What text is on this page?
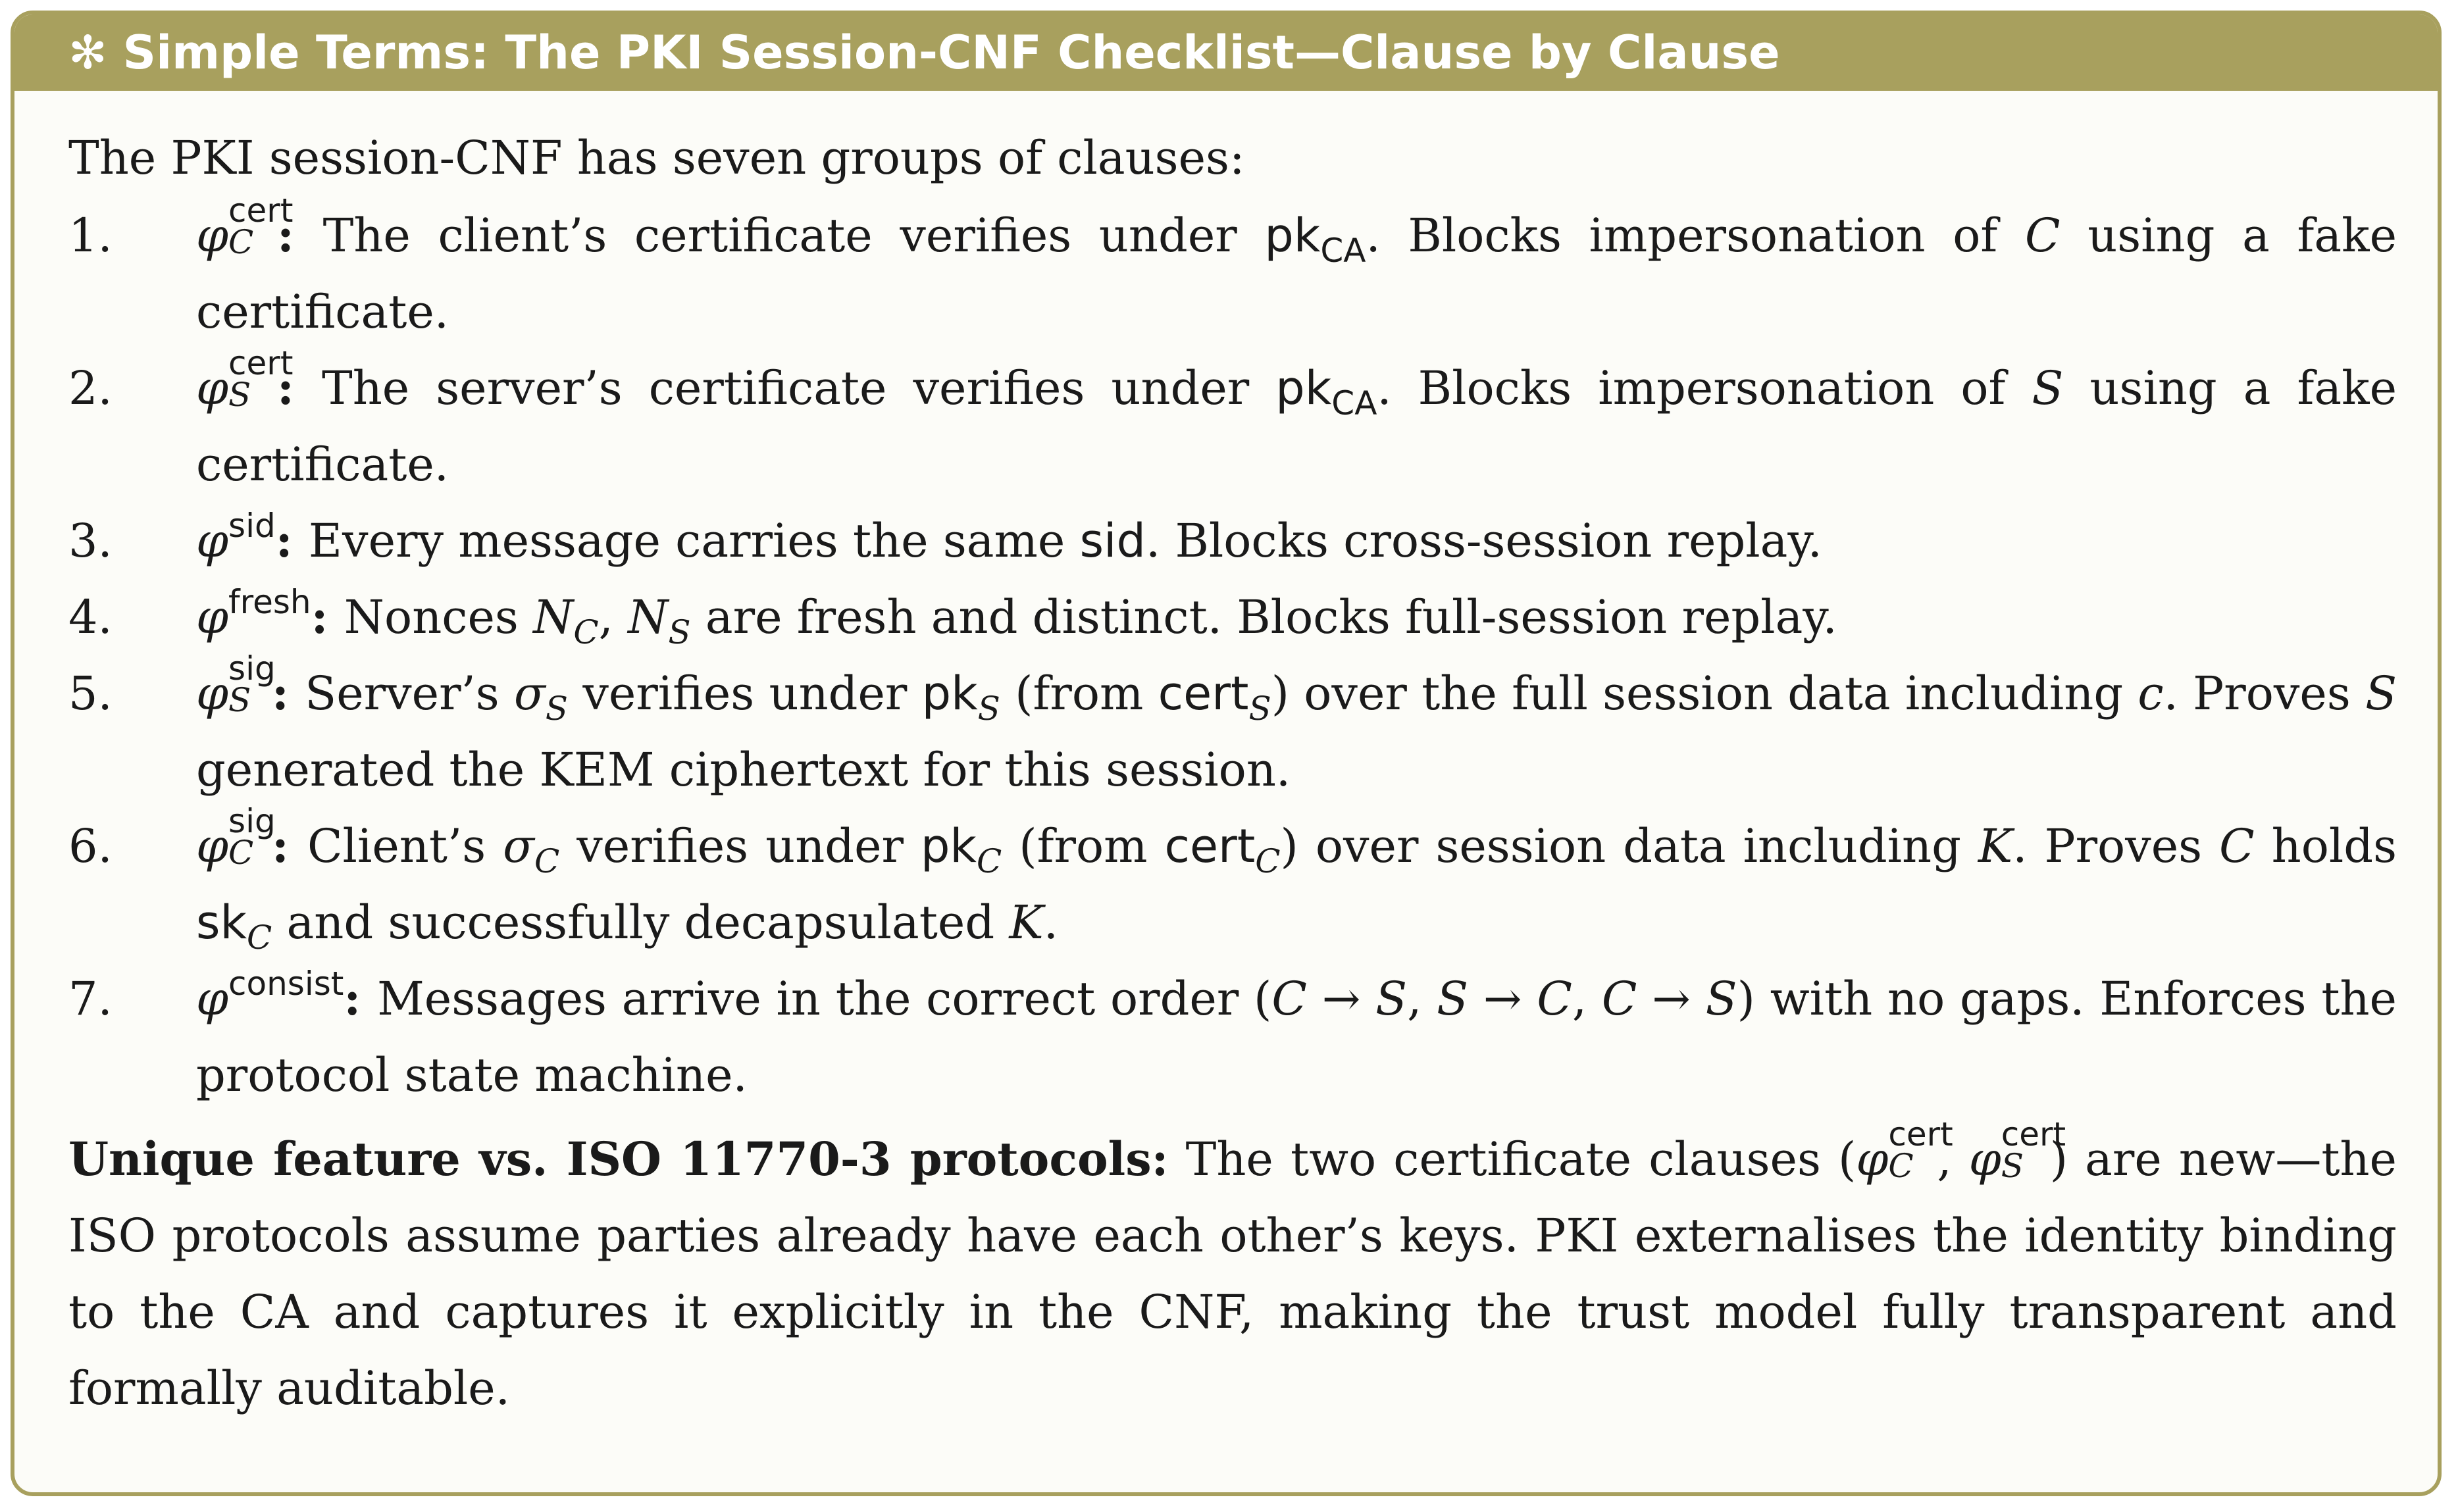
✻ Simple Terms: The PKI Session-CNF Checklist—Clause by Clause
The PKI session-CNF has seven groups of clauses:
1.	φ cert
C : The client’s certificate verifies under $pk_{CA}$. Blocks impersonation of C using a fake certificate.
2.	φ cert
S : The server’s certificate verifies under $pk_{CA}$. Blocks impersonation of S using a fake certificate.
3.	$\varphi^{sid}$: Every message carries the same sid. Blocks cross-session replay.
4.	$\varphi^{fresh}$: Nonces $N_C$, $N_S$ are fresh and distinct. Blocks full-session replay.
5.	φ sig
S : Server’s $\sigma_S$ verifies under $pk_S$ (from cert$_S$) over the full session data including c. Proves S generated the KEM ciphertext for this session.
6.	φ sig
C : Client’s $\sigma_C$ verifies under $pk_C$ (from cert$_C$) over session data including K. Proves C holds $sk_C$ and successfully decapsulated K.
7.	$\varphi^{consist}$: Messages arrive in the correct order (C → S, S → C, C → S) with no gaps. Enforces the protocol state machine.
Unique feature vs. ISO 11770-3 protocols: The two certificate clauses (φ cert
C , φ cert
S ) are new—the ISO protocols assume parties already have each other’s keys. PKI externalises the identity binding to the CA and captures it explicitly in the CNF, making the trust model fully transparent and formally auditable.
